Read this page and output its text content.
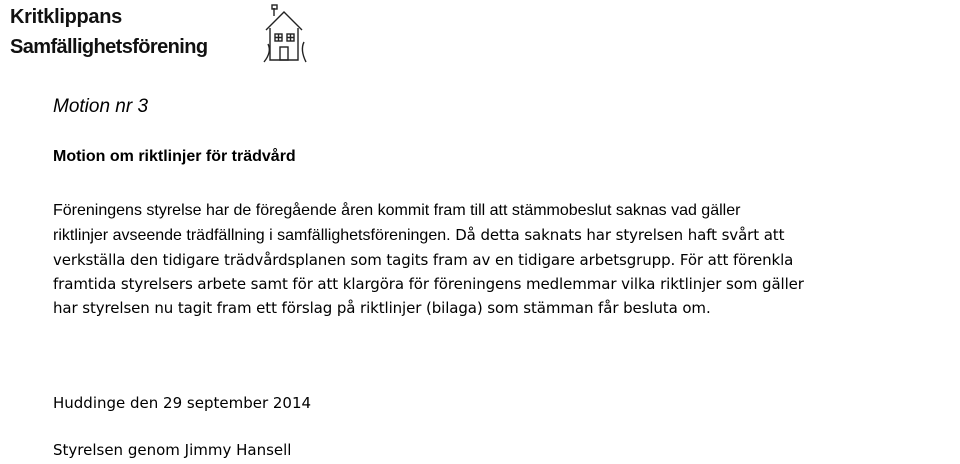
Kritklippans
Samfällighetsförening
Motion nr 3
Motion om riktlinjer för trädvård
Föreningens styrelse har de föregående åren kommit fram till att stämmobeslut saknas vad gäller
riktlinjer avseende trädfällning i samfällighetsföreningen. Då detta saknats har styrelsen haft svårt att
verkställa den tidigare trädvårdsplanen som tagits fram av en tidigare arbetsgrupp. För att förenkla
framtida styrelsers arbete samt för att klargöra för föreningens medlemmar vilka riktlinjer som gäller
har styrelsen nu tagit fram ett förslag på riktlinjer (bilaga) som stämman får besluta om.
Huddinge den 29 september 2014
Styrelsen genom Jimmy Hansell
